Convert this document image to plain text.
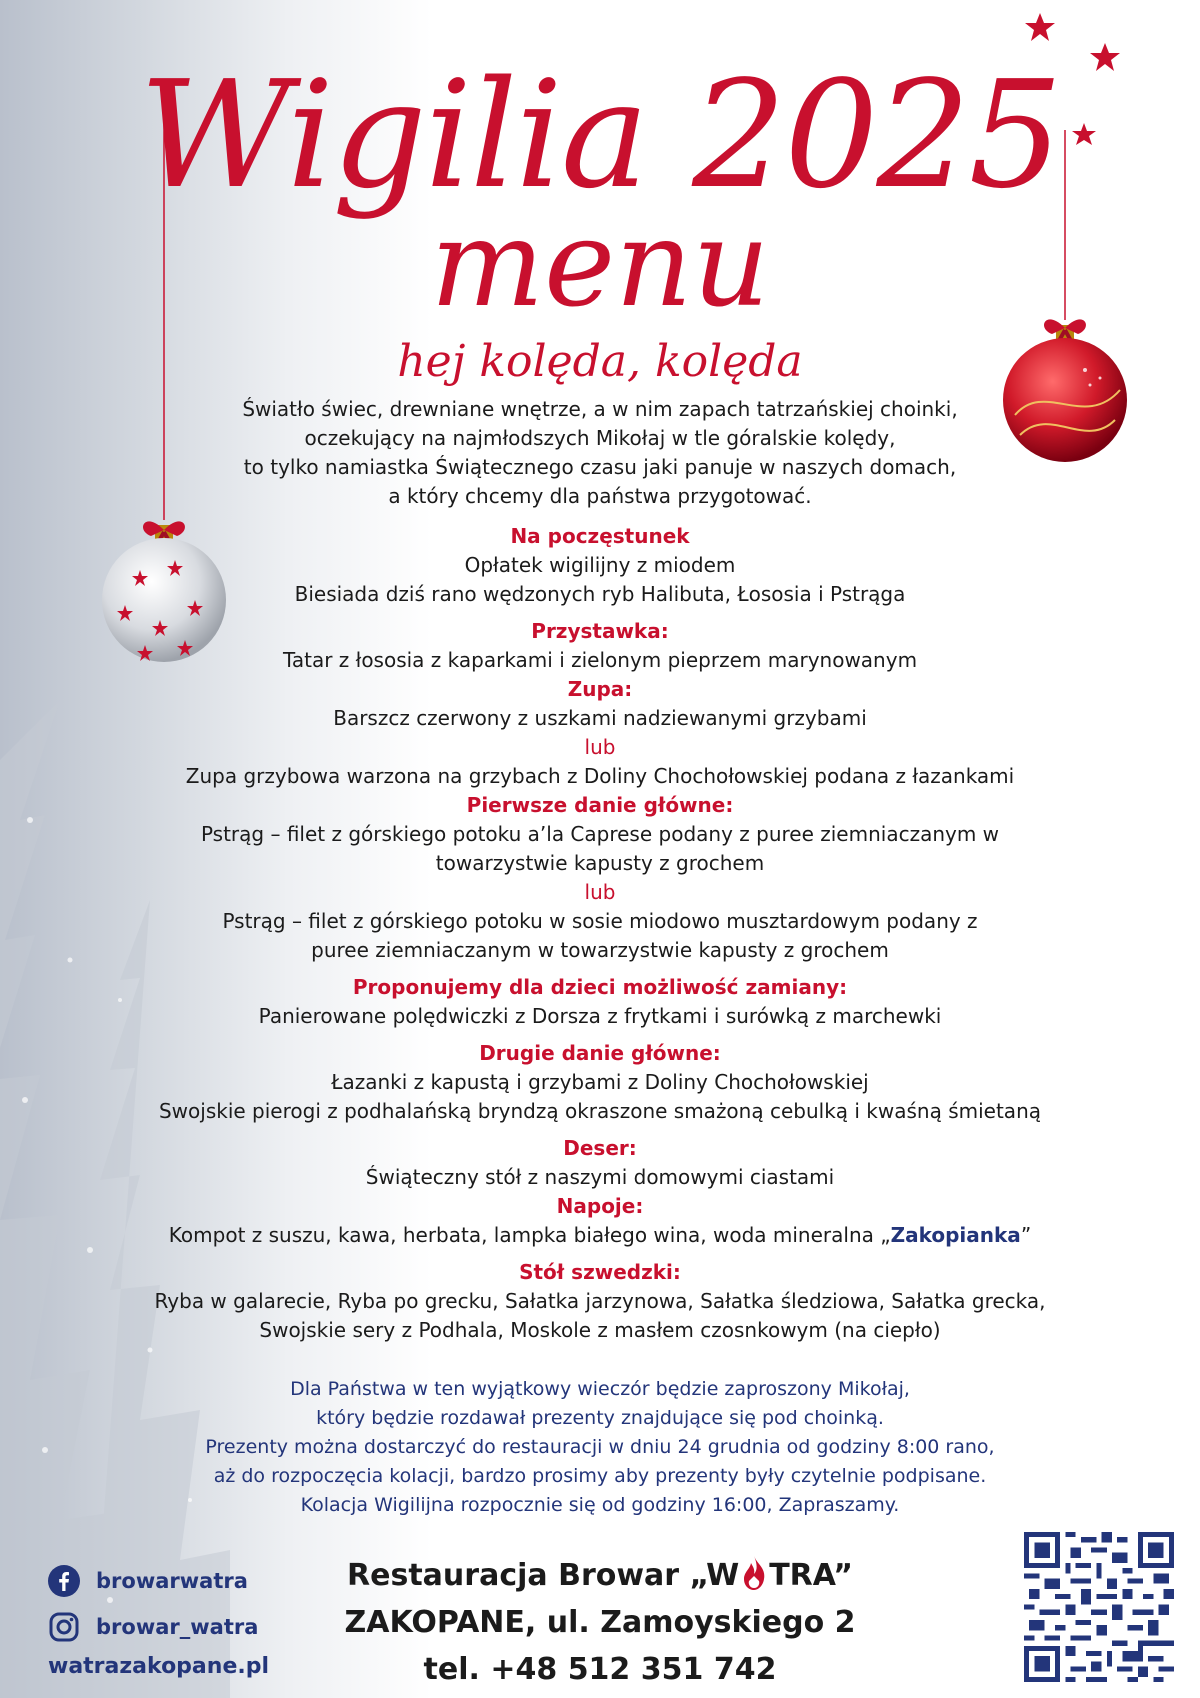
Wigilia 2025
menu
hej kolęda, kolęda
Światło świec, drewniane wnętrze, a w nim zapach tatrzańskiej choinki,
oczekujący na najmłodszych Mikołaj w tle góralskie kolędy,
to tylko namiastka Świątecznego czasu jaki panuje w naszych domach,
a który chcemy dla państwa przygotować.
Na poczęstunek
Opłatek wigilijny z miodem
Biesiada dziś rano wędzonych ryb Halibuta, Łososia i Pstrąga
Przystawka:
Tatar z łososia z kaparkami i zielonym pieprzem marynowanym
Zupa:
Barszcz czerwony z uszkami nadziewanymi grzybami
lub
Zupa grzybowa warzona na grzybach z Doliny Chochołowskiej podana z łazankami
Pierwsze danie główne:
Pstrąg – filet z górskiego potoku a’la Caprese podany z puree ziemniaczanym w
towarzystwie kapusty z grochem
lub
Pstrąg – filet z górskiego potoku w sosie miodowo musztardowym podany z
puree ziemniaczanym w towarzystwie kapusty z grochem
Proponujemy dla dzieci możliwość zamiany:
Panierowane polędwiczki z Dorsza z frytkami i surówką z marchewki
Drugie danie główne:
Łazanki z kapustą i grzybami z Doliny Chochołowskiej
Swojskie pierogi z podhalańską bryndzą okraszone smażoną cebulką i kwaśną śmietaną
Deser:
Świąteczny stół z naszymi domowymi ciastami
Napoje:
Kompot z suszu, kawa, herbata, lampka białego wina, woda mineralna „Zakopianka”
Stół szwedzki:
Ryba w galarecie, Ryba po grecku, Sałatka jarzynowa, Sałatka śledziowa, Sałatka grecka,
Swojskie sery z Podhala, Moskole z masłem czosnkowym (na ciepło)
Dla Państwa w ten wyjątkowy wieczór będzie zaproszony Mikołaj,
który będzie rozdawał prezenty znajdujące się pod choinką.
Prezenty można dostarczyć do restauracji w dniu 24 grudnia od godziny 8:00 rano,
aż do rozpoczęcia kolacji, bardzo prosimy aby prezenty były czytelnie podpisane.
Kolacja Wigilijna rozpocznie się od godziny 16:00, Zapraszamy.
browarwatra
browar_watra
watrazakopane.pl
Restauracja Browar „W TRA”
ZAKOPANE, ul. Zamoyskiego 2
tel. +48 512 351 742
